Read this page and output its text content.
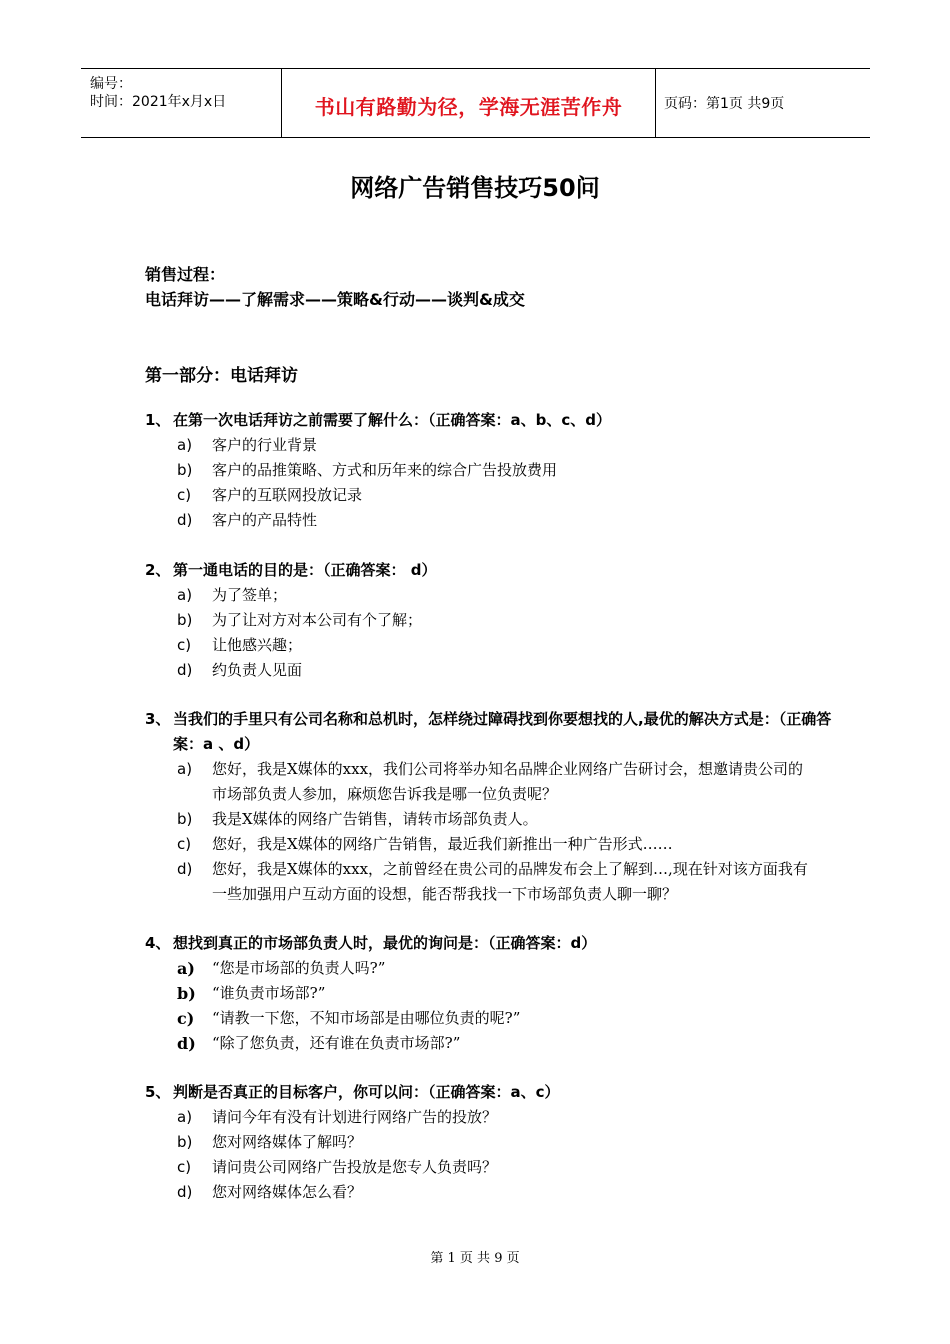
编号：
时间：2021年x月x日	书山有路勤为径，学海无涯苦作舟	页码：第1页 共9页
网络广告销售技巧50问
销售过程：
电话拜访——了解需求——策略&行动——谈判&成交
第一部分：电话拜访
1、 在第一次电话拜访之前需要了解什么：（正确答案：a、b、c、d）
a) 客户的行业背景
b) 客户的品推策略、方式和历年来的综合广告投放费用
c) 客户的互联网投放记录
d) 客户的产品特性
2、 第一通电话的目的是：（正确答案： d）
a) 为了签单；
b) 为了让对方对本公司有个了解；
c) 让他感兴趣；
d) 约负责人见面
3、 当我们的手里只有公司名称和总机时，怎样绕过障碍找到你要想找的人,最优的解决方式是：（正确答案：a 、d）
a) 您好，我是X媒体的xxx，我们公司将举办知名品牌企业网络广告研讨会，想邀请贵公司的市场部负责人参加，麻烦您告诉我是哪一位负责呢？
b) 我是X媒体的网络广告销售，请转市场部负责人。
c) 您好，我是X媒体的网络广告销售，最近我们新推出一种广告形式……
d) 您好，我是X媒体的xxx，之前曾经在贵公司的品牌发布会上了解到…,现在针对该方面我有一些加强用户互动方面的设想，能否帮我找一下市场部负责人聊一聊？
4、 想找到真正的市场部负责人时，最优的询问是：（正确答案：d）
a) “您是市场部的负责人吗?”
b) “谁负责市场部?”
c) “请教一下您，不知市场部是由哪位负责的呢?”
d) “除了您负责，还有谁在负责市场部?”
5、 判断是否真正的目标客户，你可以问：（正确答案：a、c）
a) 请问今年有没有计划进行网络广告的投放？
b) 您对网络媒体了解吗？
c) 请问贵公司网络广告投放是您专人负责吗？
d) 您对网络媒体怎么看？
第 1 页 共 9 页
